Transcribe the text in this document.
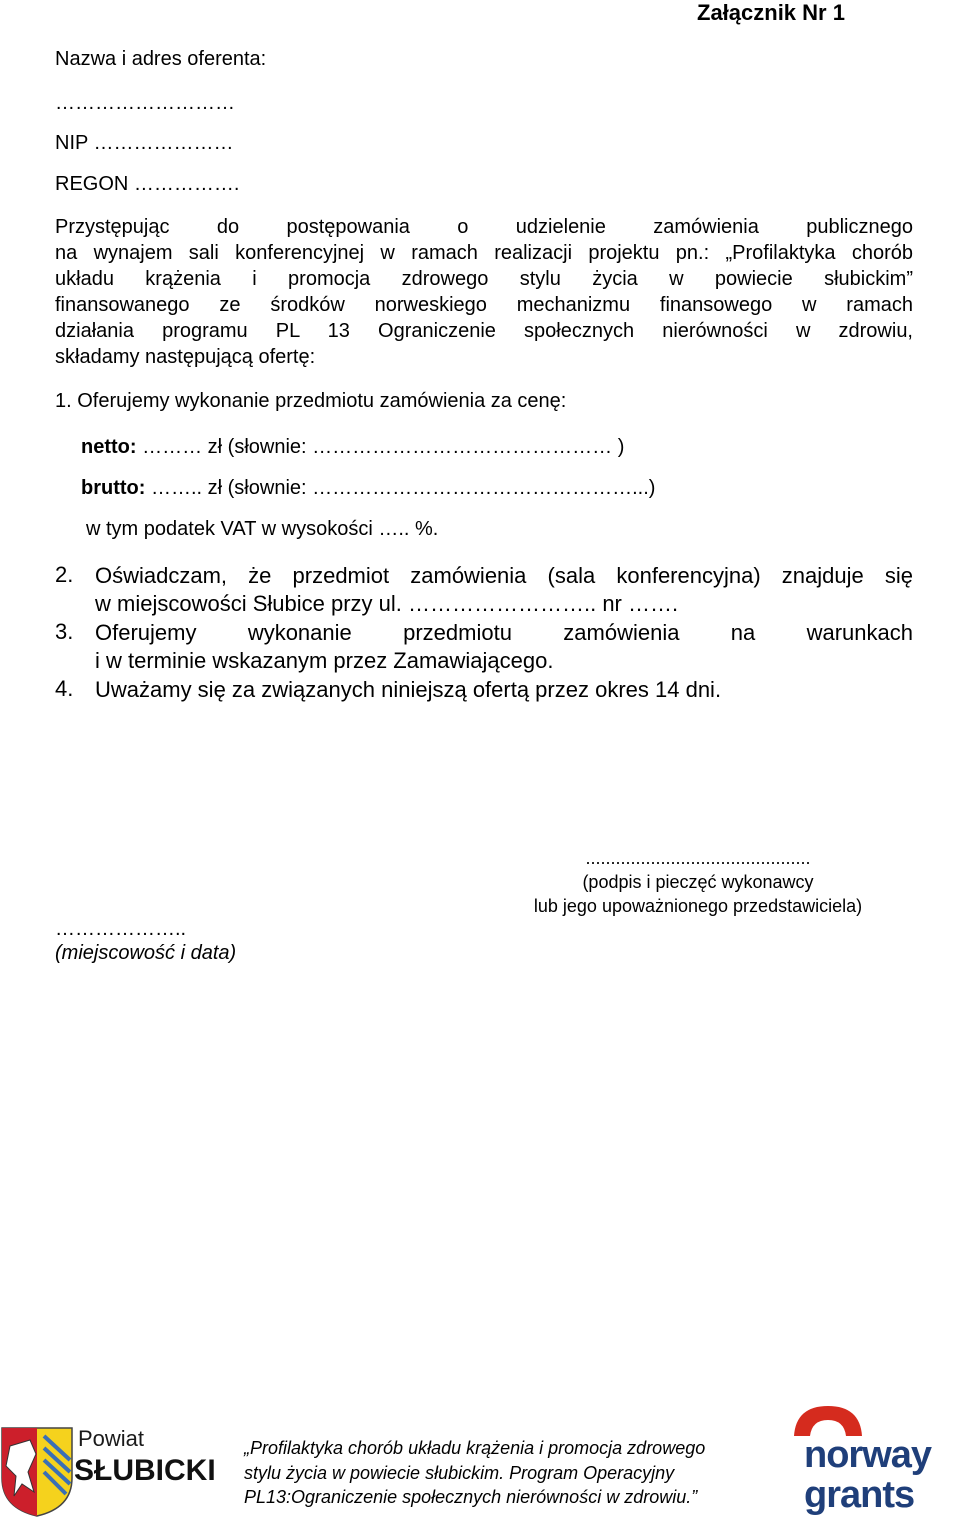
Załącznik Nr 1
Nazwa i adres oferenta:
………………………
NIP …………………
REGON …………….
Przystępując do postępowania o udzielenie zamówienia publicznego
na wynajem sali konferencyjnej w ramach realizacji projektu pn.: „Profilaktyka chorób
układu krążenia i promocja zdrowego stylu życia w powiecie słubickim”
finansowanego ze środków norweskiego mechanizmu finansowego w ramach
działania programu PL 13 Ograniczenie społecznych nierówności w zdrowiu,
składamy następującą ofertę:
1. Oferujemy wykonanie przedmiotu zamówienia za cenę:
netto: ……… zł (słownie: ……………………………………… )
brutto: …….. zł (słownie: …………………………………………...)
w tym podatek VAT w wysokości ….. %.
2. Oświadczam, że przedmiot zamówienia (sala konferencyjna) znajduje się
w miejscowości Słubice przy ul. …………………….. nr …….
3. Oferujemy wykonanie przedmiotu zamówienia na warunkach
i w terminie wskazanym przez Zamawiającego.
4. Uważamy się za związanych niniejszą ofertą przez okres 14 dni.
.............................................
(podpis i pieczęć wykonawcy
lub jego upoważnionego przedstawiciela)
………………..
(miejscowość i data)
Powiat
SŁUBICKI
„Profilaktyka chorób układu krążenia i promocja zdrowego
stylu życia w powiecie słubickim. Program Operacyjny
PL13:Ograniczenie społecznych nierówności w zdrowiu.”
norway
grants
